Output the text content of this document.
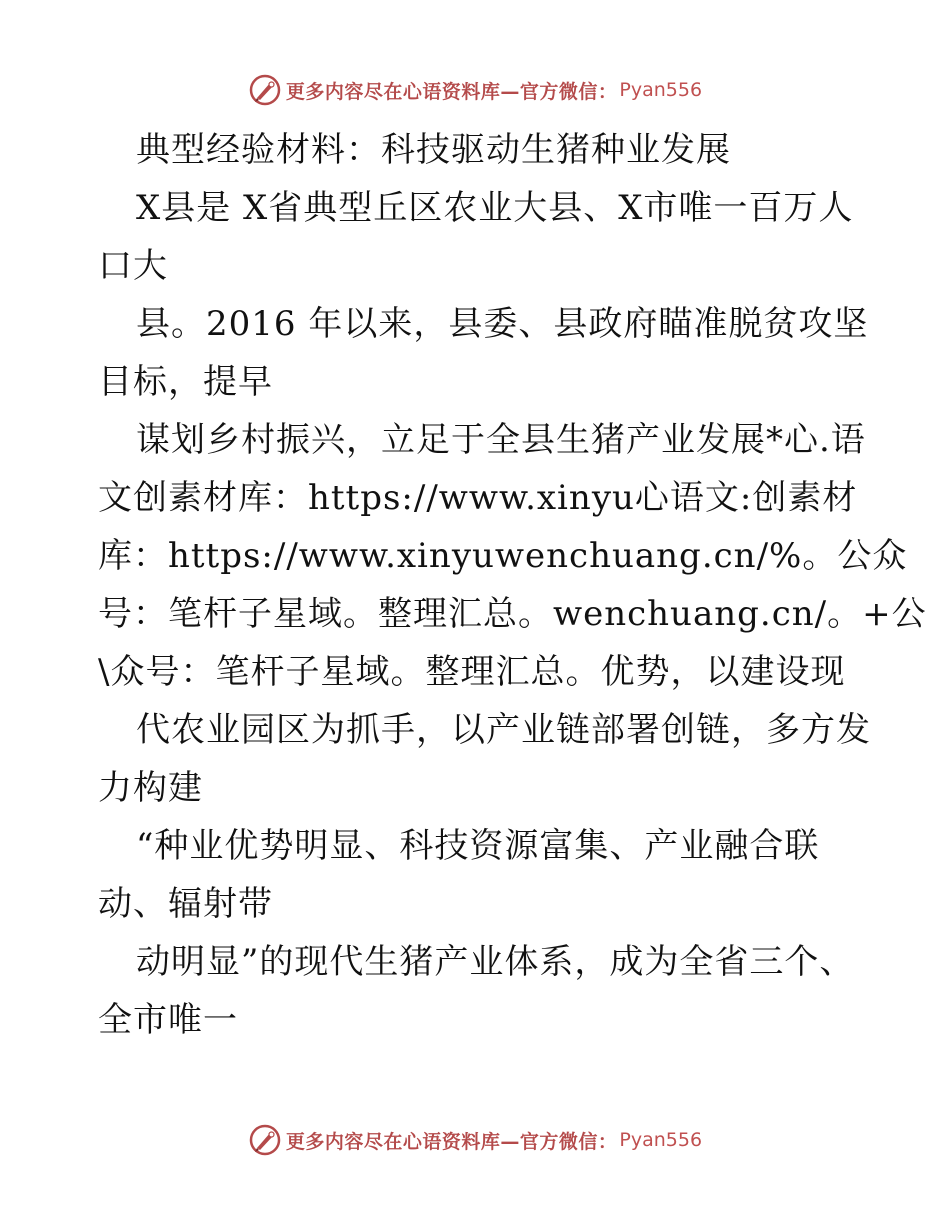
更多内容尽在心语资料库—官方微信： Pyan556
典型经验材料：科技驱动生猪种业发展
X县是 X省典型丘区农业大县、X市唯一百万人
口大
县。2016 年以来，县委、县政府瞄准脱贫攻坚
目标，提早
谋划乡村振兴，立足于全县生猪产业发展*心.语
文创素材库：https://www.xinyu心语文:创素材
库：https://www.xinyuwenchuang.cn/%。公众
号：笔杆子星域。整理汇总。wenchuang.cn/。+公
\众号：笔杆子星域。整理汇总。优势，以建设现
代农业园区为抓手，以产业链部署创链，多方发
力构建
“种业优势明显、科技资源富集、产业融合联
动、辐射带
动明显”的现代生猪产业体系，成为全省三个、
全市唯一
更多内容尽在心语资料库—官方微信： Pyan556
